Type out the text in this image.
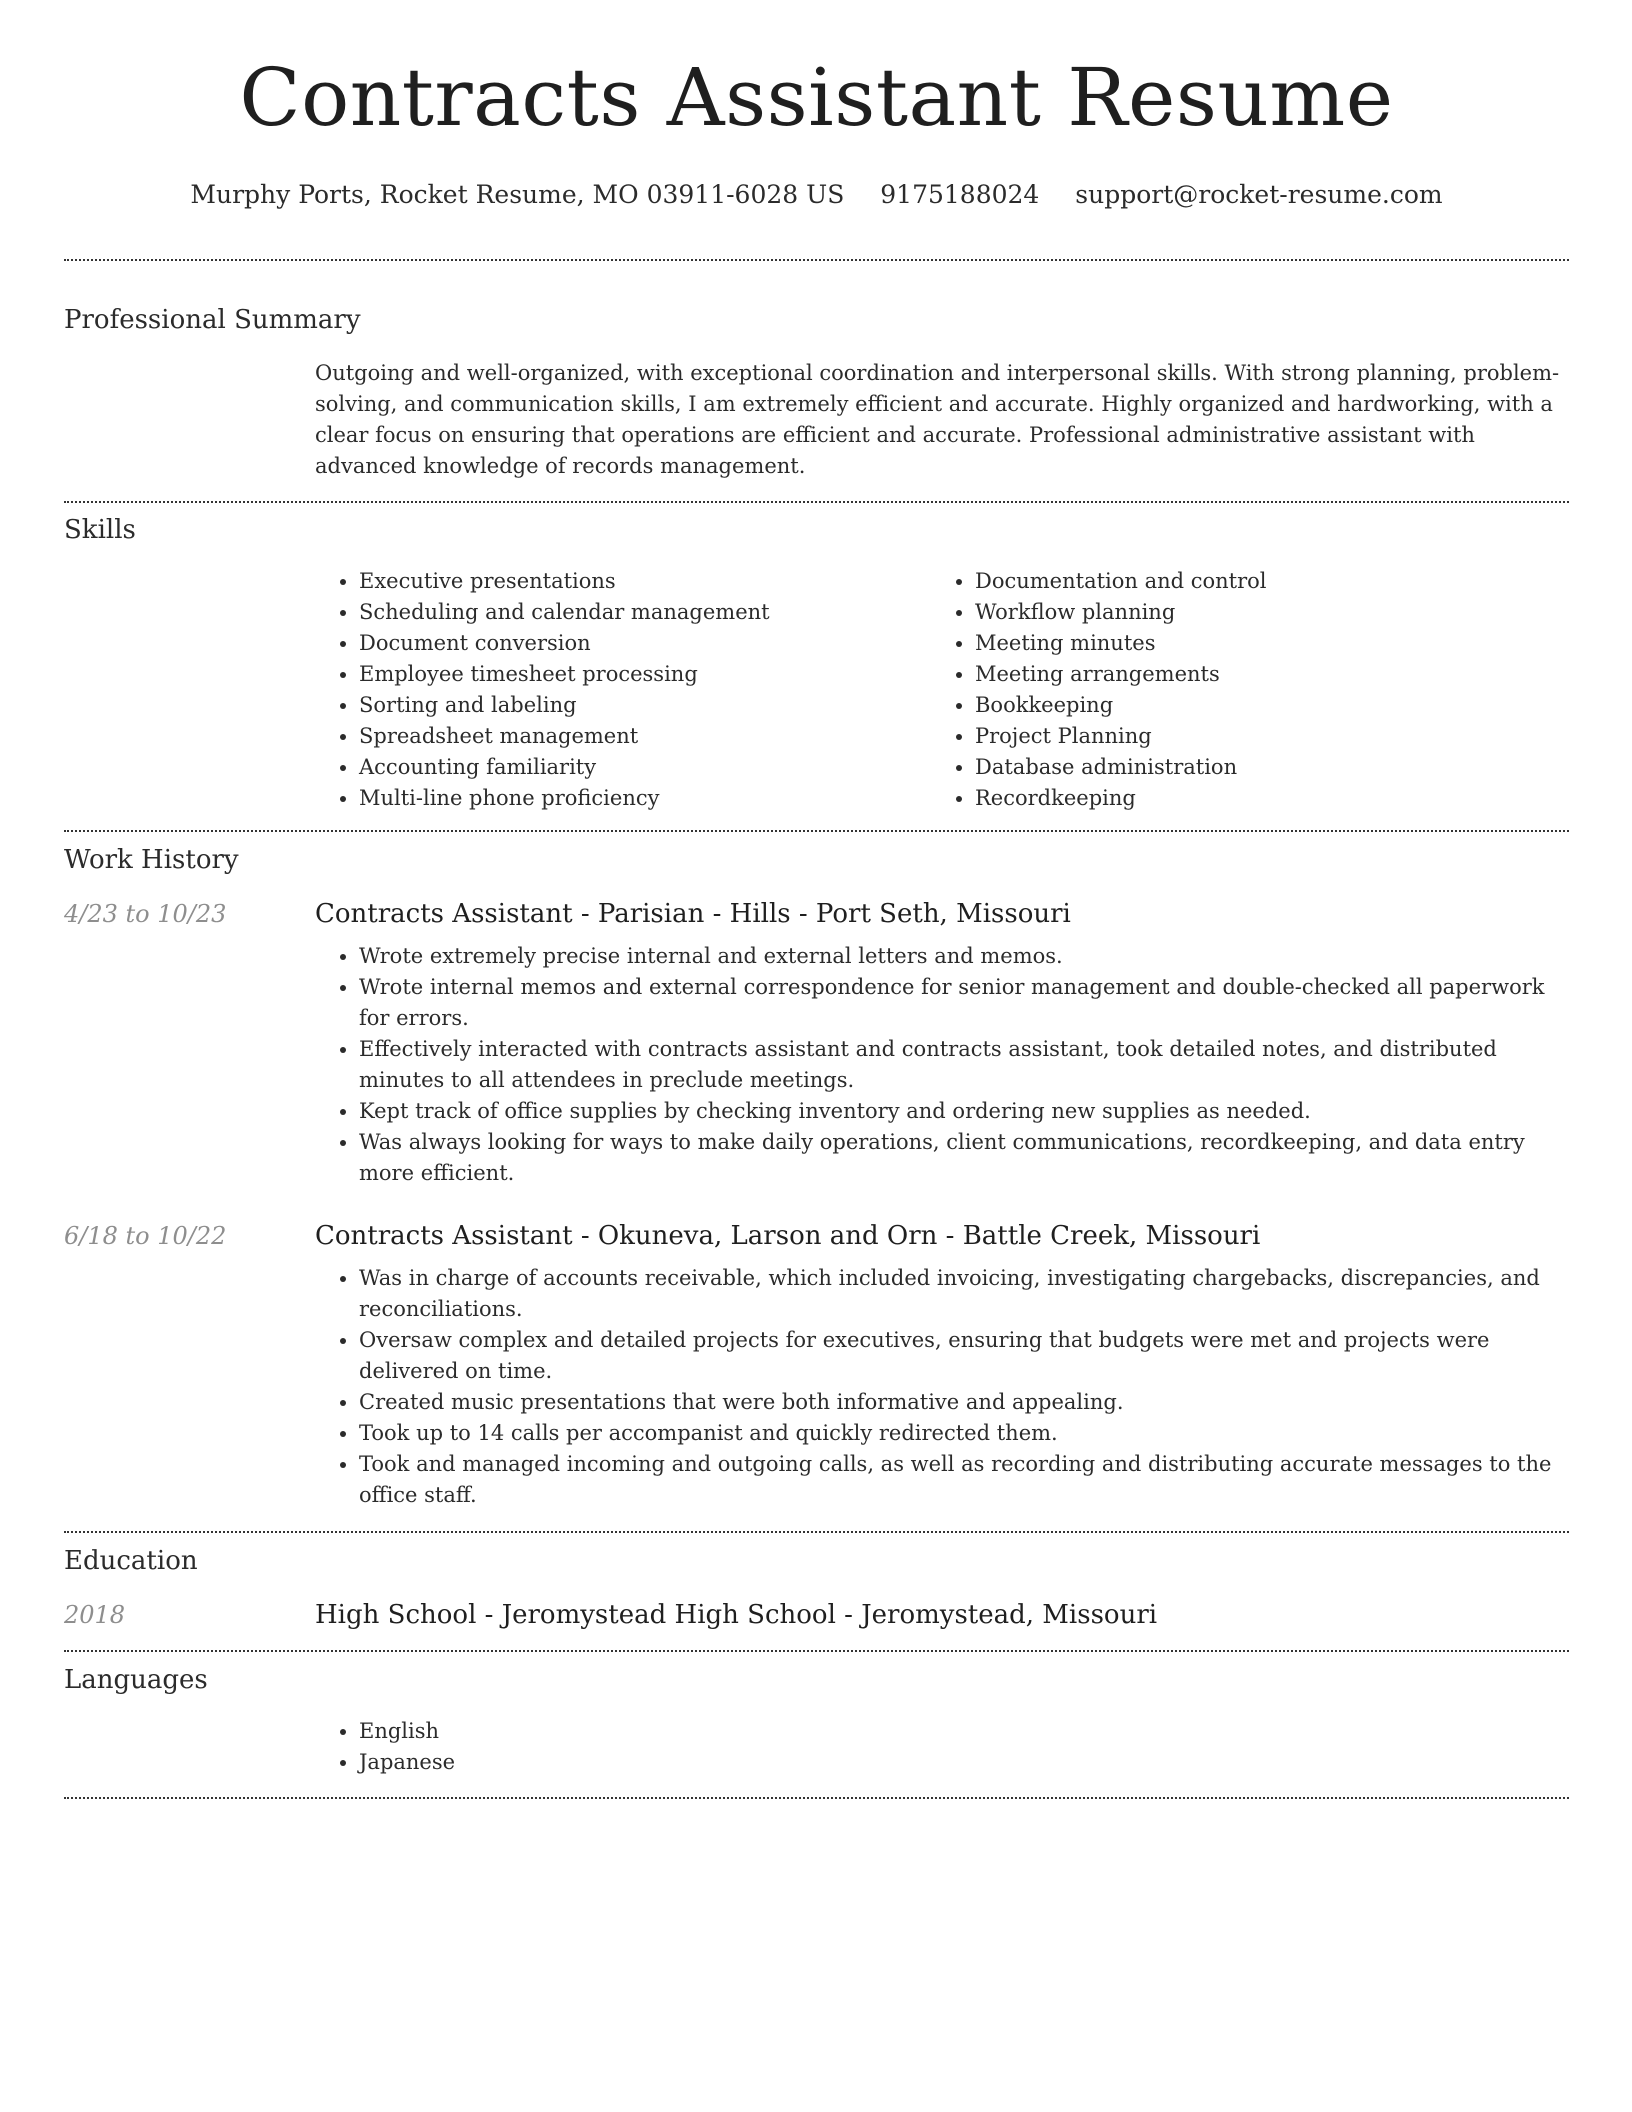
Contracts Assistant Resume
Murphy Ports, Rocket Resume, MO 03911-6028 US 9175188024 support@rocket-resume.com
Professional Summary
Outgoing and well-organized, with exceptional coordination and interpersonal skills. With strong planning, problem-solving, and communication skills, I am extremely efficient and accurate. Highly organized and hardworking, with a clear focus on ensuring that operations are efficient and accurate. Professional administrative assistant with advanced knowledge of records management.
Skills
• Executive presentations
• Scheduling and calendar management
• Document conversion
• Employee timesheet processing
• Sorting and labeling
• Spreadsheet management
• Accounting familiarity
• Multi-line phone proficiency
• Documentation and control
• Workflow planning
• Meeting minutes
• Meeting arrangements
• Bookkeeping
• Project Planning
• Database administration
• Recordkeeping
Work History
4/23 to 10/23	Contracts Assistant - Parisian - Hills - Port Seth, Missouri
• Wrote extremely precise internal and external letters and memos.
• Wrote internal memos and external correspondence for senior management and double-checked all paperwork for errors.
• Effectively interacted with contracts assistant and contracts assistant, took detailed notes, and distributed minutes to all attendees in preclude meetings.
• Kept track of office supplies by checking inventory and ordering new supplies as needed.
• Was always looking for ways to make daily operations, client communications, recordkeeping, and data entry more efficient.
6/18 to 10/22	Contracts Assistant - Okuneva, Larson and Orn - Battle Creek, Missouri
• Was in charge of accounts receivable, which included invoicing, investigating chargebacks, discrepancies, and reconciliations.
• Oversaw complex and detailed projects for executives, ensuring that budgets were met and projects were delivered on time.
• Created music presentations that were both informative and appealing.
• Took up to 14 calls per accompanist and quickly redirected them.
• Took and managed incoming and outgoing calls, as well as recording and distributing accurate messages to the office staff.
Education
2018	High School - Jeromystead High School - Jeromystead, Missouri
Languages
• English
• Japanese
